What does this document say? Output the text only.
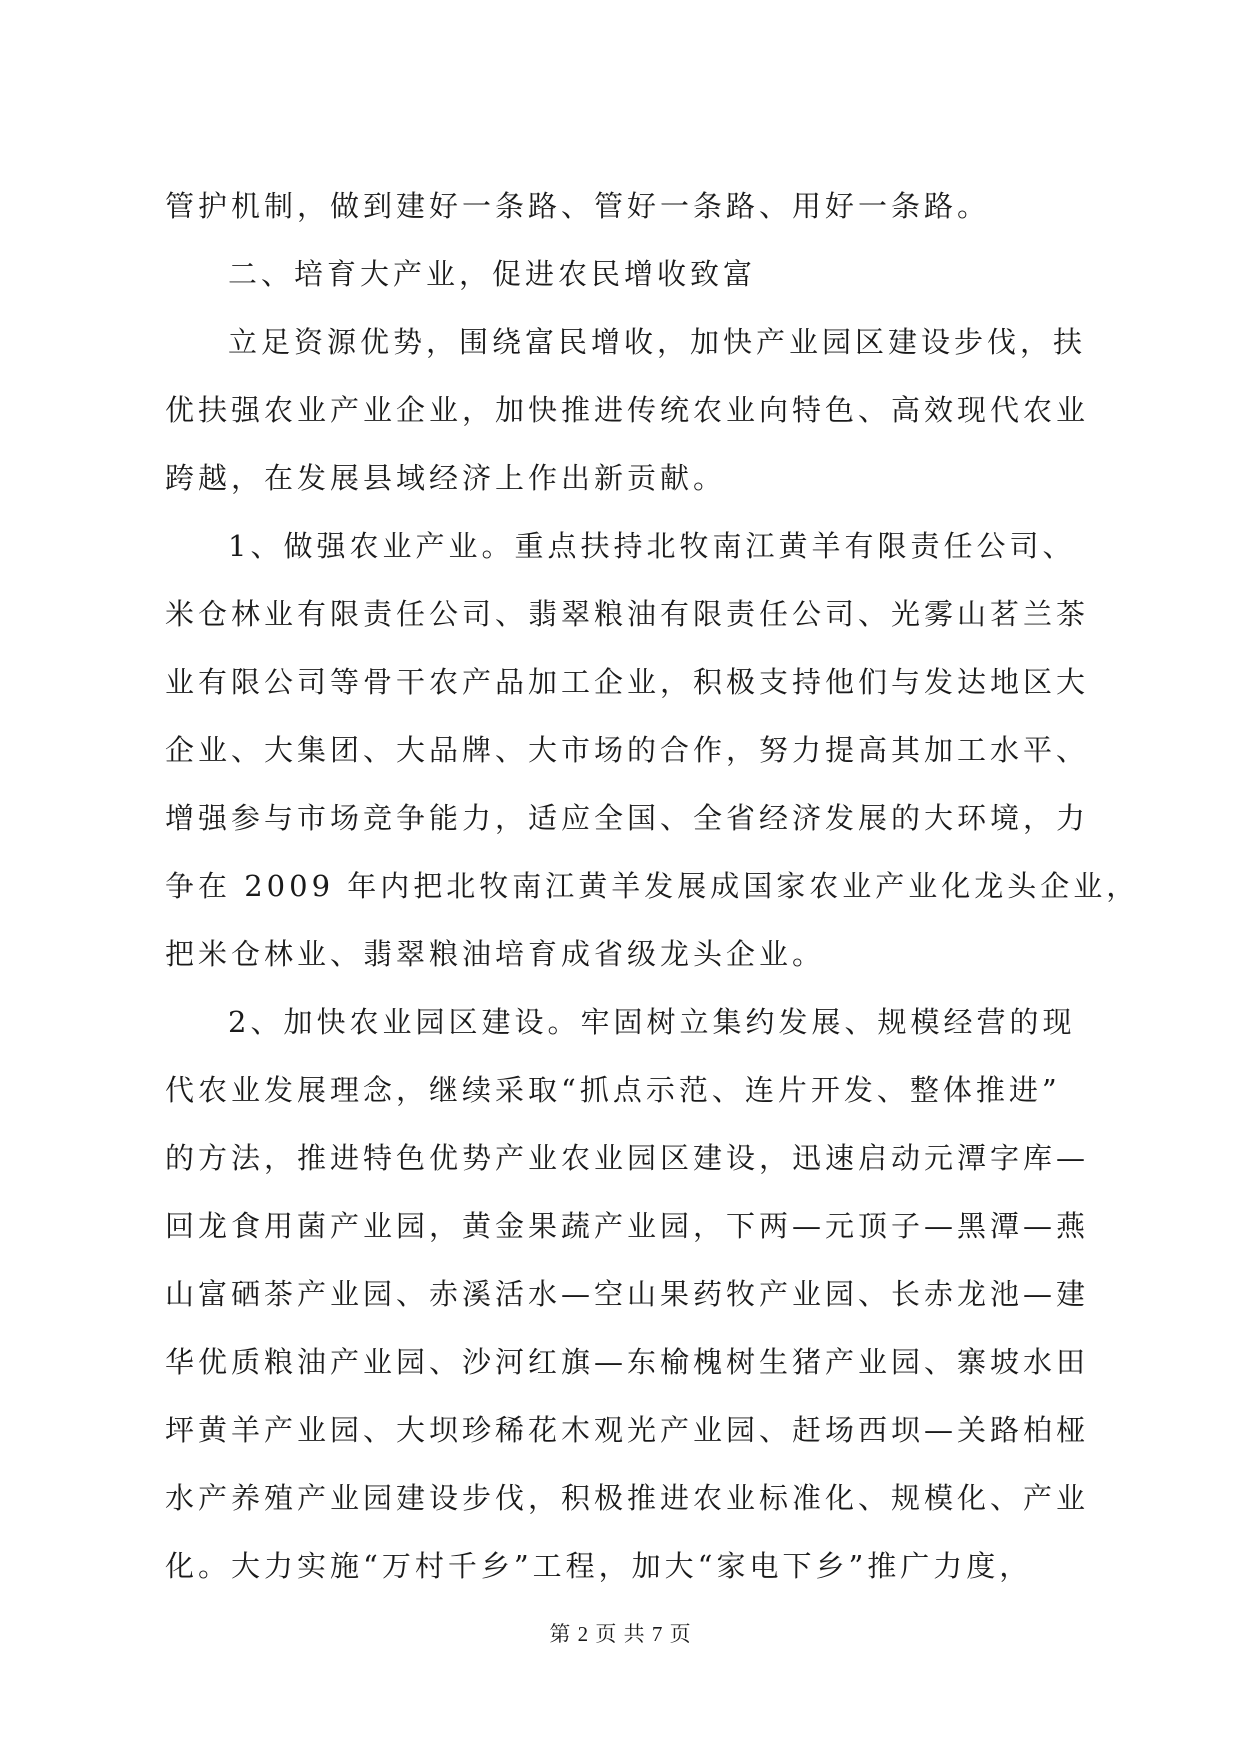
管护机制，做到建好一条路、管好一条路、用好一条路。
二、培育大产业，促进农民增收致富
立足资源优势，围绕富民增收，加快产业园区建设步伐，扶
优扶强农业产业企业，加快推进传统农业向特色、高效现代农业
跨越，在发展县域经济上作出新贡献。
1、做强农业产业。重点扶持北牧南江黄羊有限责任公司、
米仓林业有限责任公司、翡翠粮油有限责任公司、光雾山茗兰茶
业有限公司等骨干农产品加工企业，积极支持他们与发达地区大
企业、大集团、大品牌、大市场的合作，努力提高其加工水平、
增强参与市场竞争能力，适应全国、全省经济发展的大环境，力
争在 2009 年内把北牧南江黄羊发展成国家农业产业化龙头企业，
把米仓林业、翡翠粮油培育成省级龙头企业。
2、加快农业园区建设。牢固树立集约发展、规模经营的现
代农业发展理念，继续采取“抓点示范、连片开发、整体推进”
的方法，推进特色优势产业农业园区建设，迅速启动元潭字库—
回龙食用菌产业园，黄金果蔬产业园，下两—元顶子—黑潭—燕
山富硒茶产业园、赤溪活水—空山果药牧产业园、长赤龙池—建
华优质粮油产业园、沙河红旗—东榆槐树生猪产业园、寨坡水田
坪黄羊产业园、大坝珍稀花木观光产业园、赶场西坝—关路柏桠
水产养殖产业园建设步伐，积极推进农业标准化、规模化、产业
化。大力实施“万村千乡”工程，加大“家电下乡”推广力度，
第 2 页 共 7 页
